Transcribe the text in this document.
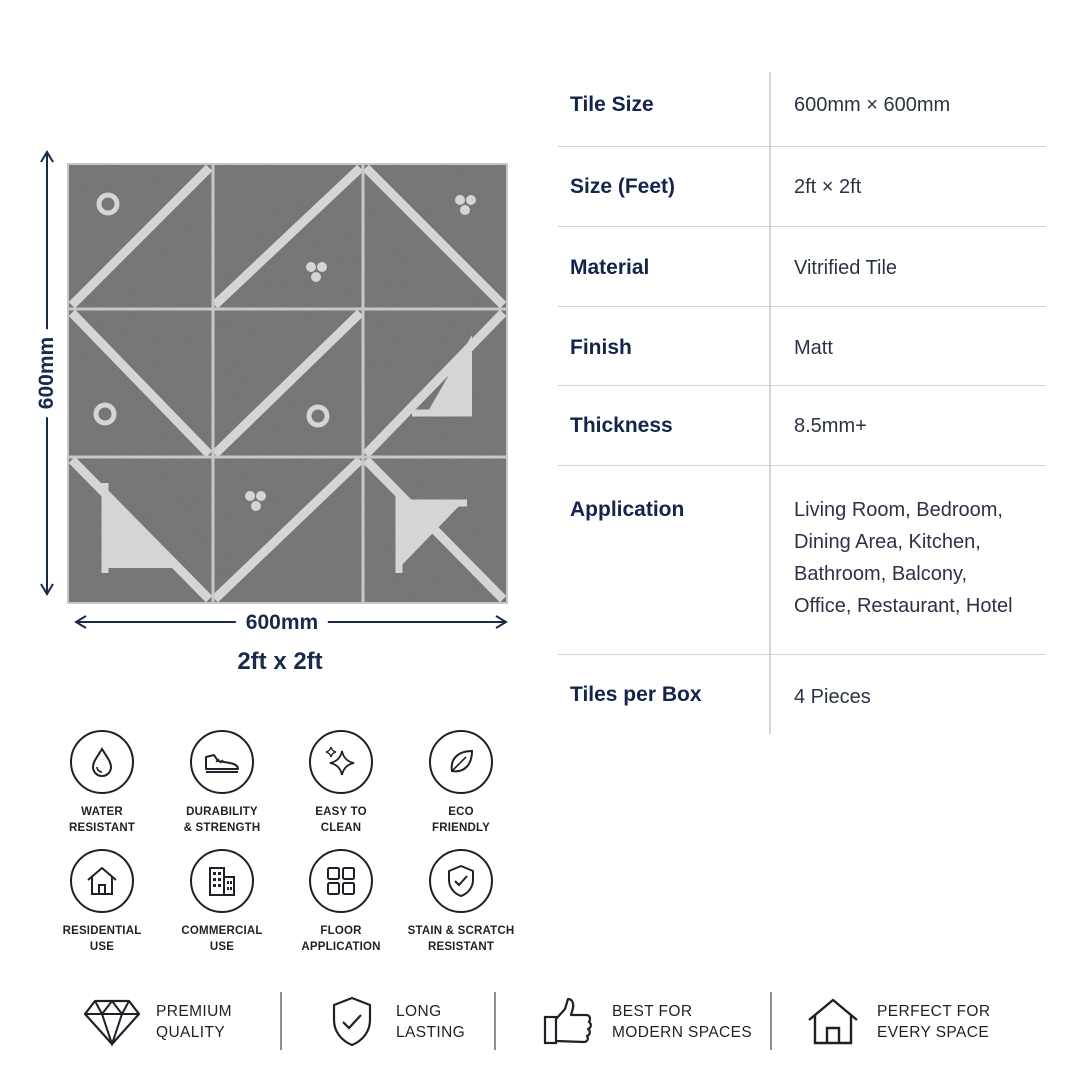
600mm
600mm
2ft x 2ft
Tile Size	600mm × 600mm
Size (Feet)	2ft × 2ft
Material	Vitrified Tile
Finish	Matt
Thickness	8.5mm+
Application	Living Room, Bedroom,
Dining Area, Kitchen,
Bathroom, Balcony,
Office, Restaurant, Hotel
Tiles per Box	4 Pieces
WATER
RESISTANT
DURABILITY
& STRENGTH
EASY TO
CLEAN
ECO
FRIENDLY
RESIDENTIAL
USE
COMMERCIAL
USE
FLOOR
APPLICATION
STAIN & SCRATCH
RESISTANT
PREMIUM
QUALITY
LONG
LASTING
BEST FOR
MODERN SPACES
PERFECT FOR
EVERY SPACE
